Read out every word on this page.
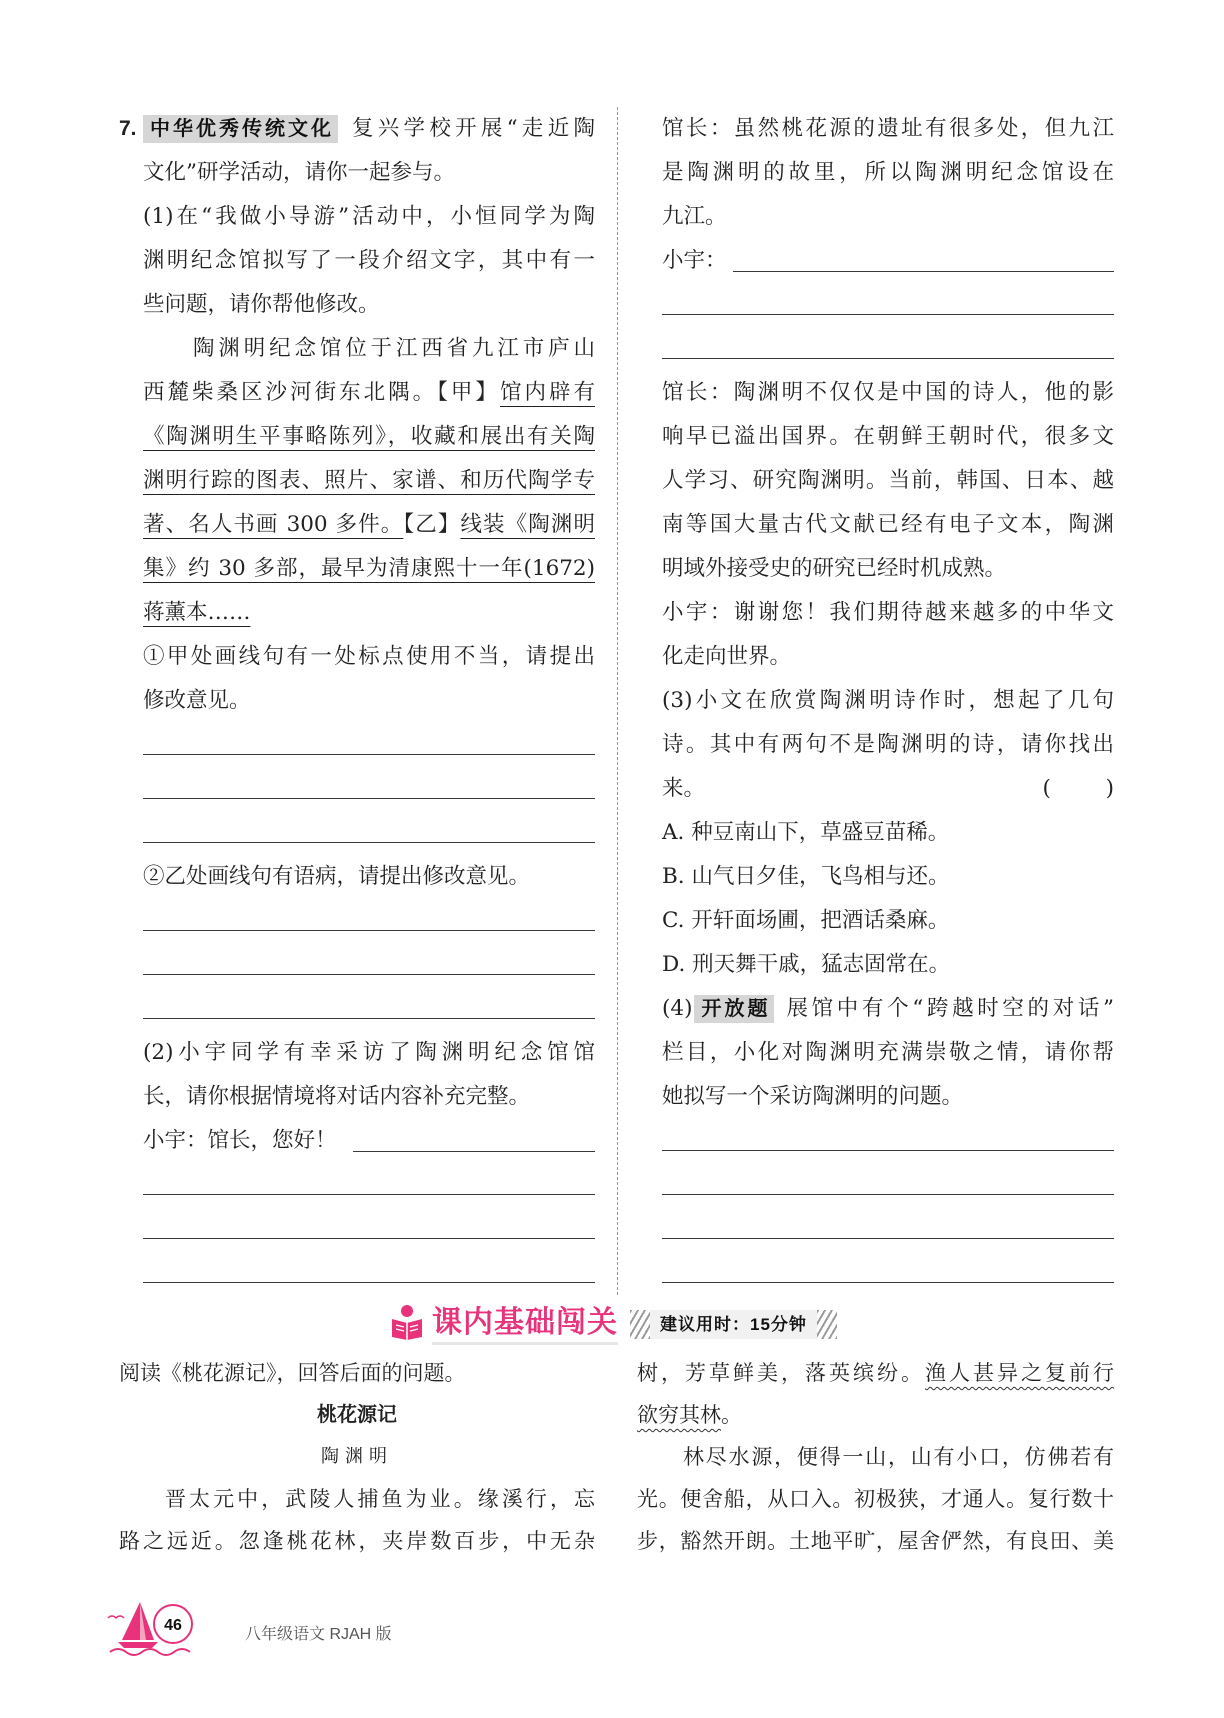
7. 中华优秀传统文化 复兴学校开展“走近陶
文化”研学活动，请你一起参与。
(1)在“我做小导游”活动中，小恒同学为陶
渊明纪念馆拟写了一段介绍文字，其中有一
些问题，请你帮他修改。
陶渊明纪念馆位于江西省九江市庐山
西麓柴桑区沙河街东北隅。【甲】馆内辟有
《陶渊明生平事略陈列》，收藏和展出有关陶
渊明行踪的图表、照片、家谱、和历代陶学专
著、名人书画 300 多件。【乙】线装《陶渊明
集》约 30 多部，最早为清康熙十一年(1672)
蒋薰本……
①甲处画线句有一处标点使用不当，请提出
修改意见。
②乙处画线句有语病，请提出修改意见。
(2)小宇同学有幸采访了陶渊明纪念馆馆
长，请你根据情境将对话内容补充完整。
小宇：馆长，您好！
馆长：虽然桃花源的遗址有很多处，但九江
是陶渊明的故里，所以陶渊明纪念馆设在
九江。
小宇：
馆长：陶渊明不仅仅是中国的诗人，他的影
响早已溢出国界。在朝鲜王朝时代，很多文
人学习、研究陶渊明。当前，韩国、日本、越
南等国大量古代文献已经有电子文本，陶渊
明域外接受史的研究已经时机成熟。
小宇：谢谢您！我们期待越来越多的中华文
化走向世界。
(3)小文在欣赏陶渊明诗作时，想起了几句
诗。其中有两句不是陶渊明的诗，请你找出
来。	(        )
A. 种豆南山下，草盛豆苗稀。
B. 山气日夕佳，飞鸟相与还。
C. 开轩面场圃，把酒话桑麻。
D. 刑天舞干戚，猛志固常在。
(4) 开放题 展馆中有个“跨越时空的对话”
栏目，小化对陶渊明充满崇敬之情，请你帮
她拟写一个采访陶渊明的问题。
课内基础闯关	建议用时：15分钟
阅读《桃花源记》，回答后面的问题。
桃花源记
陶渊明
晋太元中，武陵人捕鱼为业。缘溪行，忘
路之远近。忽逢桃花林，夹岸数百步，中无杂
树，芳草鲜美，落英缤纷。渔人甚异之复前行
欲穷其林。
林尽水源，便得一山，山有小口，仿佛若有
光。便舍船，从口入。初极狭，才通人。复行数十
步，豁然开朗。土地平旷，屋舍俨然，有良田、美
46
八年级语文 RJAH 版
